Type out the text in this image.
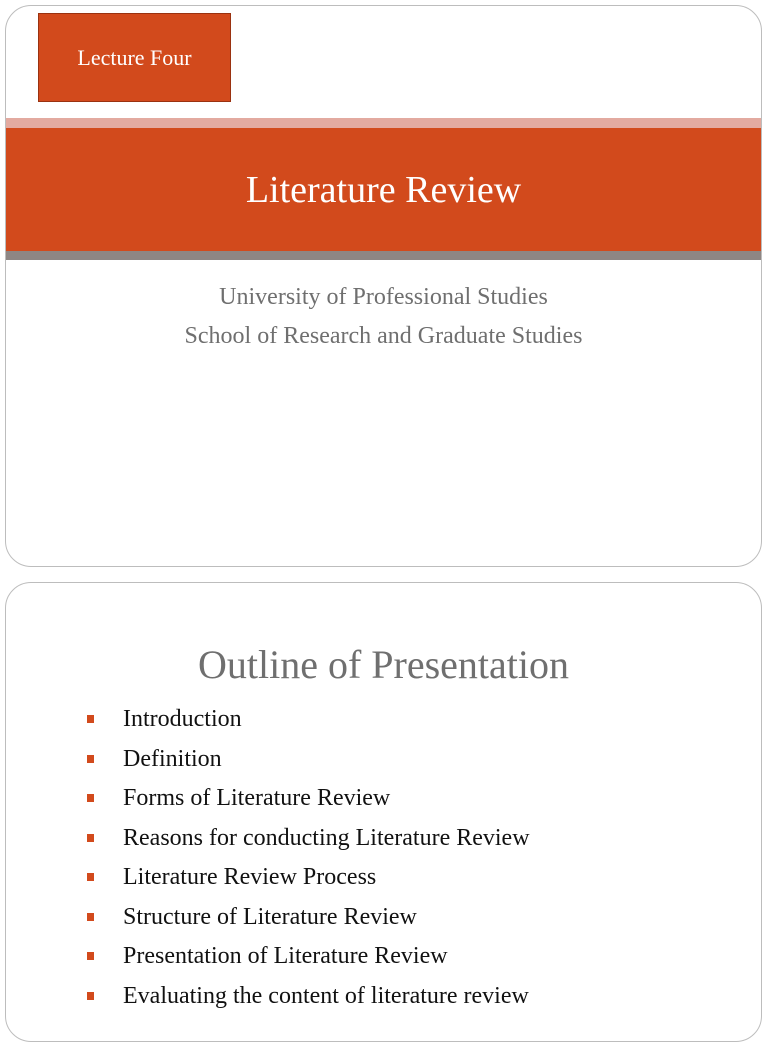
Lecture Four
Literature Review
University of Professional Studies
School of Research and Graduate Studies
Outline of Presentation
Introduction
Definition
Forms of Literature Review
Reasons for conducting Literature Review
Literature Review Process
Structure of Literature Review
Presentation of Literature Review
Evaluating the content of literature review
